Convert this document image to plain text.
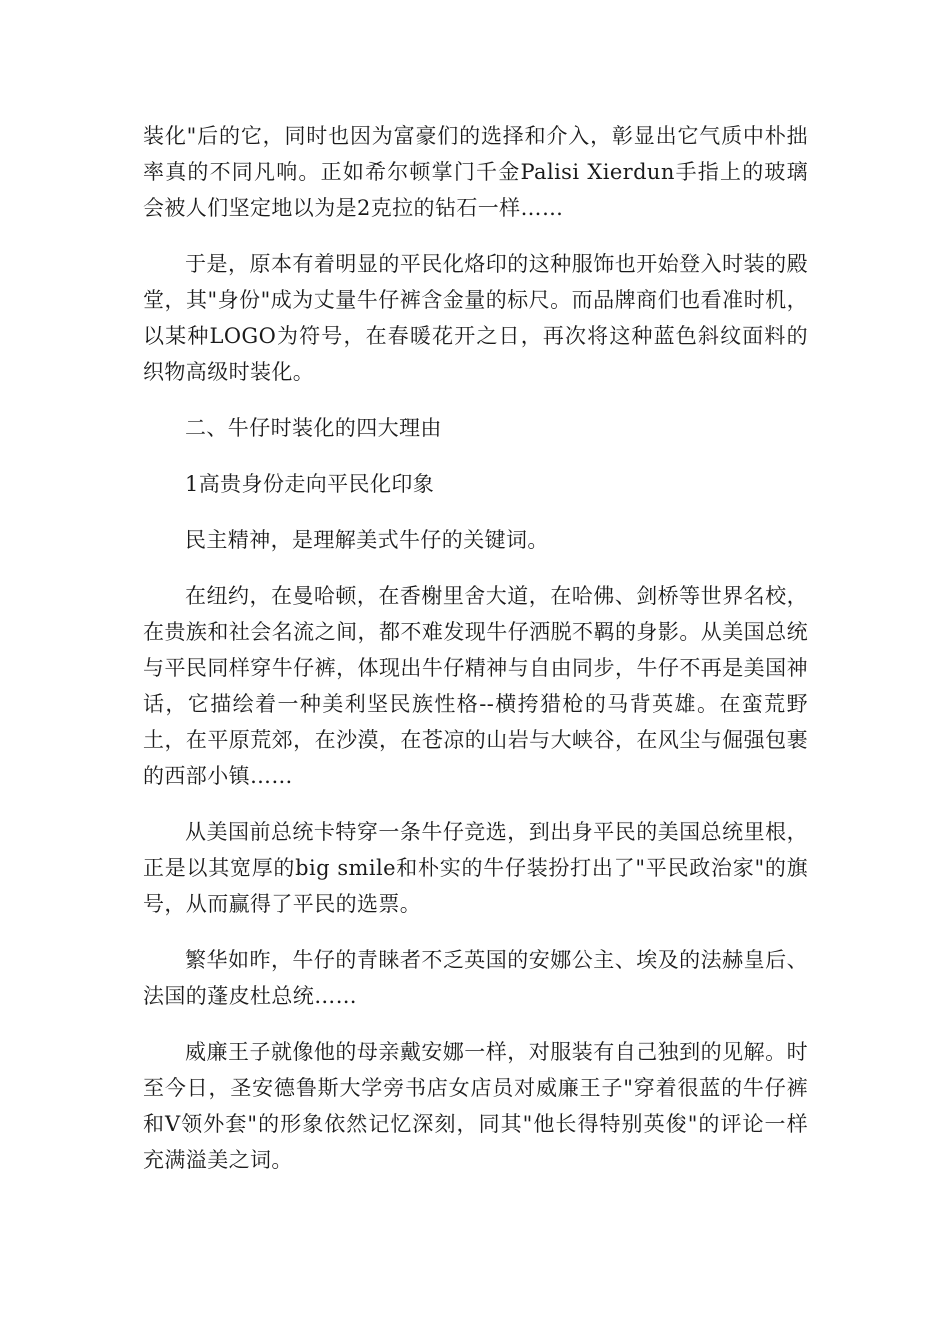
装化"后的它，同时也因为富豪们的选择和介入，彰显出它气质中朴拙率真的不同凡响。正如希尔顿掌门千金Palisi Xierdun手指上的玻璃会被人们坚定地以为是2克拉的钻石一样……

于是，原本有着明显的平民化烙印的这种服饰也开始登入时装的殿堂，其"身份"成为丈量牛仔裤含金量的标尺。而品牌商们也看准时机，以某种LOGO为符号，在春暖花开之日，再次将这种蓝色斜纹面料的织物高级时装化。

二、牛仔时装化的四大理由

1高贵身份走向平民化印象

民主精神，是理解美式牛仔的关键词。

在纽约，在曼哈顿，在香榭里舍大道，在哈佛、剑桥等世界名校，在贵族和社会名流之间，都不难发现牛仔洒脱不羁的身影。从美国总统与平民同样穿牛仔裤，体现出牛仔精神与自由同步，牛仔不再是美国神话，它描绘着一种美利坚民族性格--横挎猎枪的马背英雄。在蛮荒野土，在平原荒郊，在沙漠，在苍凉的山岩与大峡谷，在风尘与倔强包裹的西部小镇……

从美国前总统卡特穿一条牛仔竞选，到出身平民的美国总统里根，正是以其宽厚的big smile和朴实的牛仔装扮打出了"平民政治家"的旗号，从而赢得了平民的选票。

繁华如昨，牛仔的青睐者不乏英国的安娜公主、埃及的法赫皇后、法国的蓬皮杜总统……

威廉王子就像他的母亲戴安娜一样，对服装有自己独到的见解。时至今日，圣安德鲁斯大学旁书店女店员对威廉王子"穿着很蓝的牛仔裤和V领外套"的形象依然记忆深刻，同其"他长得特别英俊"的评论一样充满溢美之词。
